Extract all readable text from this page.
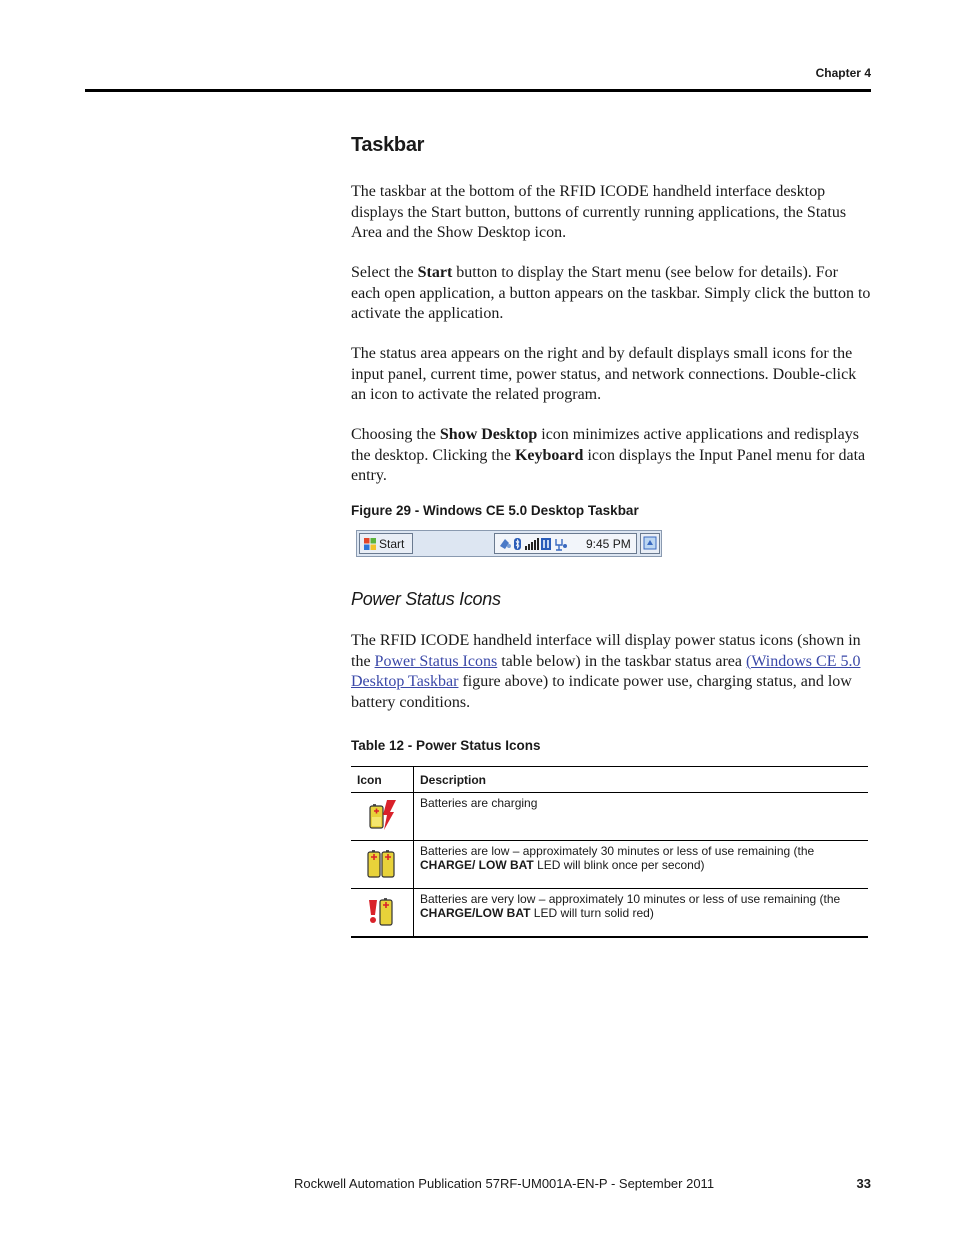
Chapter 4
Taskbar
The taskbar at the bottom of the RFID ICODE handheld interface desktop displays the Start button, buttons of currently running applications, the Status Area and the Show Desktop icon.
Select the Start button to display the Start menu (see below for details). For each open application, a button appears on the taskbar. Simply click the button to activate the application.
The status area appears on the right and by default displays small icons for the input panel, current time, power status, and network connections. Double-click an icon to activate the related program.
Choosing the Show Desktop icon minimizes active applications and redisplays the desktop. Clicking the Keyboard icon displays the Input Panel menu for data entry.
Figure 29 - Windows CE 5.0 Desktop Taskbar
Start	9:45 PM
Power Status Icons
The RFID ICODE handheld interface will display power status icons (shown in the Power Status Icons table below) in the taskbar status area (Windows CE 5.0 Desktop Taskbar figure above) to indicate power use, charging status, and low battery conditions.
Table 12 - Power Status Icons
Icon	Description
	Batteries are charging
	Batteries are low – approximately 30 minutes or less of use remaining (the CHARGE/ LOW BAT LED will blink once per second)
	Batteries are very low – approximately 10 minutes or less of use remaining (the CHARGE/LOW BAT LED will turn solid red)
Rockwell Automation Publication 57RF-UM001A-EN-P - September 2011	33
